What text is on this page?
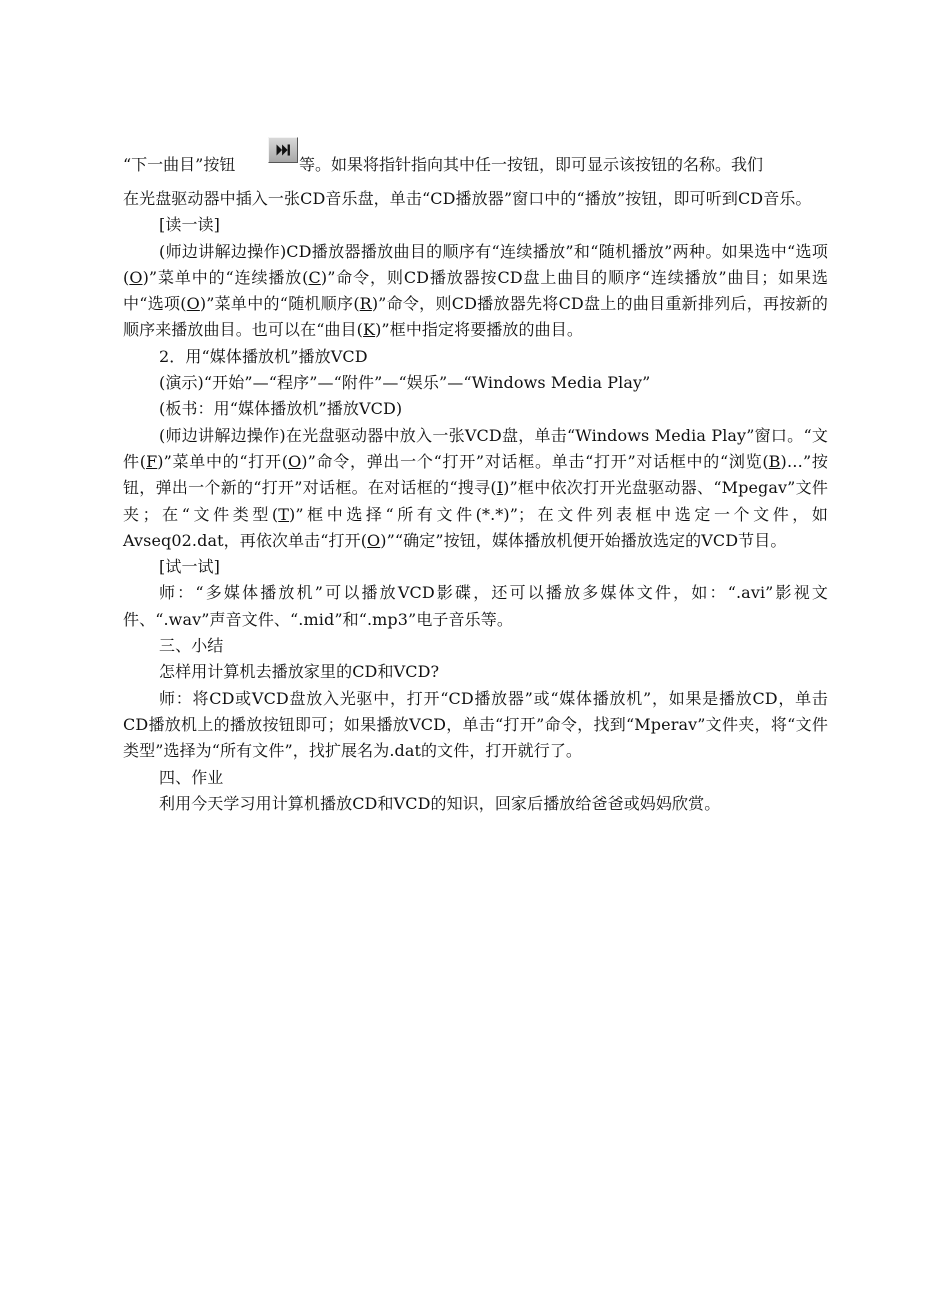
“下一曲目”按钮	等。如果将指针指向其中任一按钮，即可显示该按钮的名称。我们

在光盘驱动器中插入一张CD音乐盘，单击“CD播放器”窗口中的“播放”按钮，即可听到CD音乐。

[读一读]

(师边讲解边操作)CD播放器播放曲目的顺序有“连续播放”和“随机播放”两种。如果选中“选项(O)”菜单中的“连续播放(C)”命令，则CD播放器按CD盘上曲目的顺序“连续播放”曲目；如果选中“选项(O)”菜单中的“随机顺序(R)”命令，则CD播放器先将CD盘上的曲目重新排列后，再按新的顺序来播放曲目。也可以在“曲目(K)”框中指定将要播放的曲目。

2．用“媒体播放机”播放VCD

(演示)“开始”—“程序”—“附件”—“娱乐”—“Windows Media Play”

(板书：用“媒体播放机”播放VCD)

(师边讲解边操作)在光盘驱动器中放入一张VCD盘，单击“Windows Media Play”窗口。“文件(F)”菜单中的“打开(O)”命令，弹出一个“打开”对话框。单击“打开”对话框中的“浏览(B)…”按钮，弹出一个新的“打开”对话框。在对话框的“搜寻(I)”框中依次打开光盘驱动器、“Mpegav”文件夹；在“文件类型(T)”框中选择“所有文件(*.*)”；在文件列表框中选定一个文件，如Avseq02.dat，再依次单击“打开(O)”“确定”按钮，媒体播放机便开始播放选定的VCD节目。

[试一试]

师：“多媒体播放机”可以播放VCD影碟，还可以播放多媒体文件，如：“.avi”影视文件、“.wav”声音文件、“.mid”和“.mp3”电子音乐等。

三、小结

怎样用计算机去播放家里的CD和VCD?

师：将CD或VCD盘放入光驱中，打开“CD播放器”或“媒体播放机”，如果是播放CD，单击CD播放机上的播放按钮即可；如果播放VCD，单击“打开”命令，找到“Mperav”文件夹，将“文件类型”选择为“所有文件”，找扩展名为.dat的文件，打开就行了。

四、作业

利用今天学习用计算机播放CD和VCD的知识，回家后播放给爸爸或妈妈欣赏。
